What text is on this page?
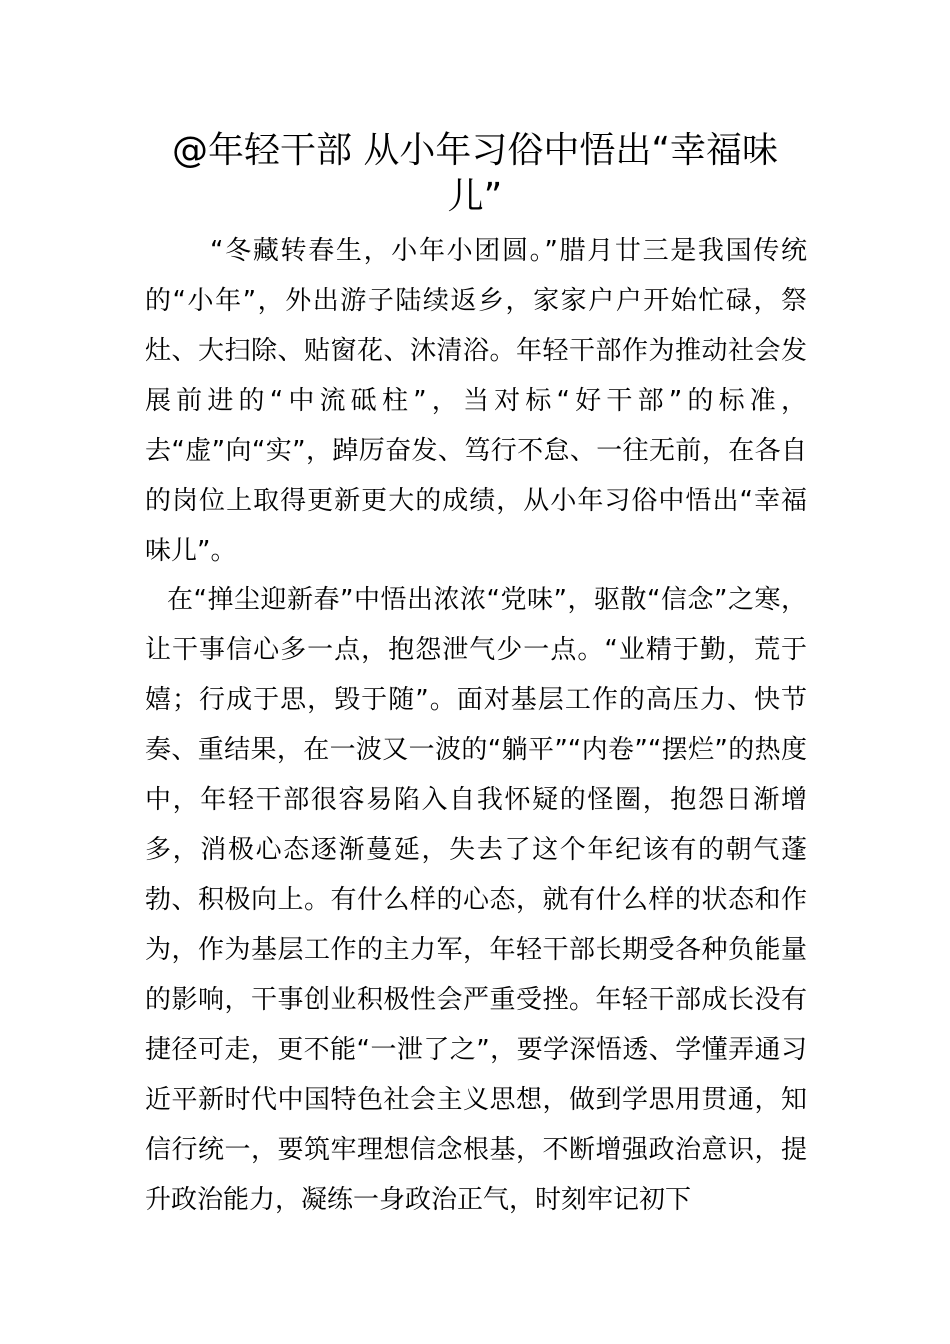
@年轻干部 从小年习俗中悟出“幸福味儿”

“冬藏转春生，小年小团圆。”腊月廿三是我国传统的“小年”，外出游子陆续返乡，家家户户开始忙碌，祭灶、大扫除、贴窗花、沐清浴。年轻干部作为推动社会发展前进的“中流砥柱”，当对标“好干部”的标准，去“虚”向“实”，踔厉奋发、笃行不怠、一往无前，在各自的岗位上取得更新更大的成绩，从小年习俗中悟出“幸福味儿”。

在“掸尘迎新春”中悟出浓浓“党味”，驱散“信念”之寒，让干事信心多一点，抱怨泄气少一点。“业精于勤，荒于嬉；行成于思，毁于随”。面对基层工作的高压力、快节奏、重结果，在一波又一波的“躺平”“内卷”“摆烂”的热度中，年轻干部很容易陷入自我怀疑的怪圈，抱怨日渐增多，消极心态逐渐蔓延，失去了这个年纪该有的朝气蓬勃、积极向上。有什么样的心态，就有什么样的状态和作为，作为基层工作的主力军，年轻干部长期受各种负能量的影响，干事创业积极性会严重受挫。年轻干部成长没有捷径可走，更不能“一泄了之”，要学深悟透、学懂弄通习近平新时代中国特色社会主义思想，做到学思用贯通，知信行统一，要筑牢理想信念根基，不断增强政治意识，提升政治能力，凝练一身政治正气，时刻牢记初下
